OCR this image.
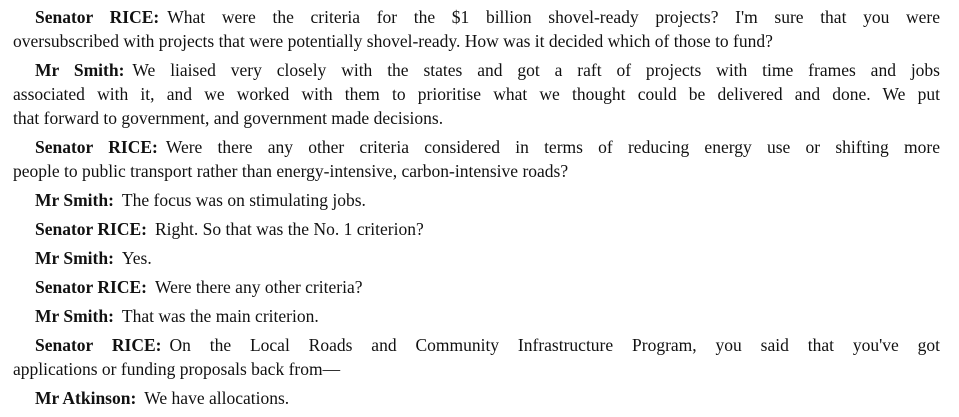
Senator RICE: What were the criteria for the $1 billion shovel-ready projects? I'm sure that you were
oversubscribed with projects that were potentially shovel-ready. How was it decided which of those to fund?
Mr Smith: We liaised very closely with the states and got a raft of projects with time frames and jobs
associated with it, and we worked with them to prioritise what we thought could be delivered and done. We put
that forward to government, and government made decisions.
Senator RICE: Were there any other criteria considered in terms of reducing energy use or shifting more
people to public transport rather than energy-intensive, carbon-intensive roads?
Mr Smith: The focus was on stimulating jobs.
Senator RICE: Right. So that was the No. 1 criterion?
Mr Smith: Yes.
Senator RICE: Were there any other criteria?
Mr Smith: That was the main criterion.
Senator RICE: On the Local Roads and Community Infrastructure Program, you said that you've got
applications or funding proposals back from—
Mr Atkinson: We have allocations.
